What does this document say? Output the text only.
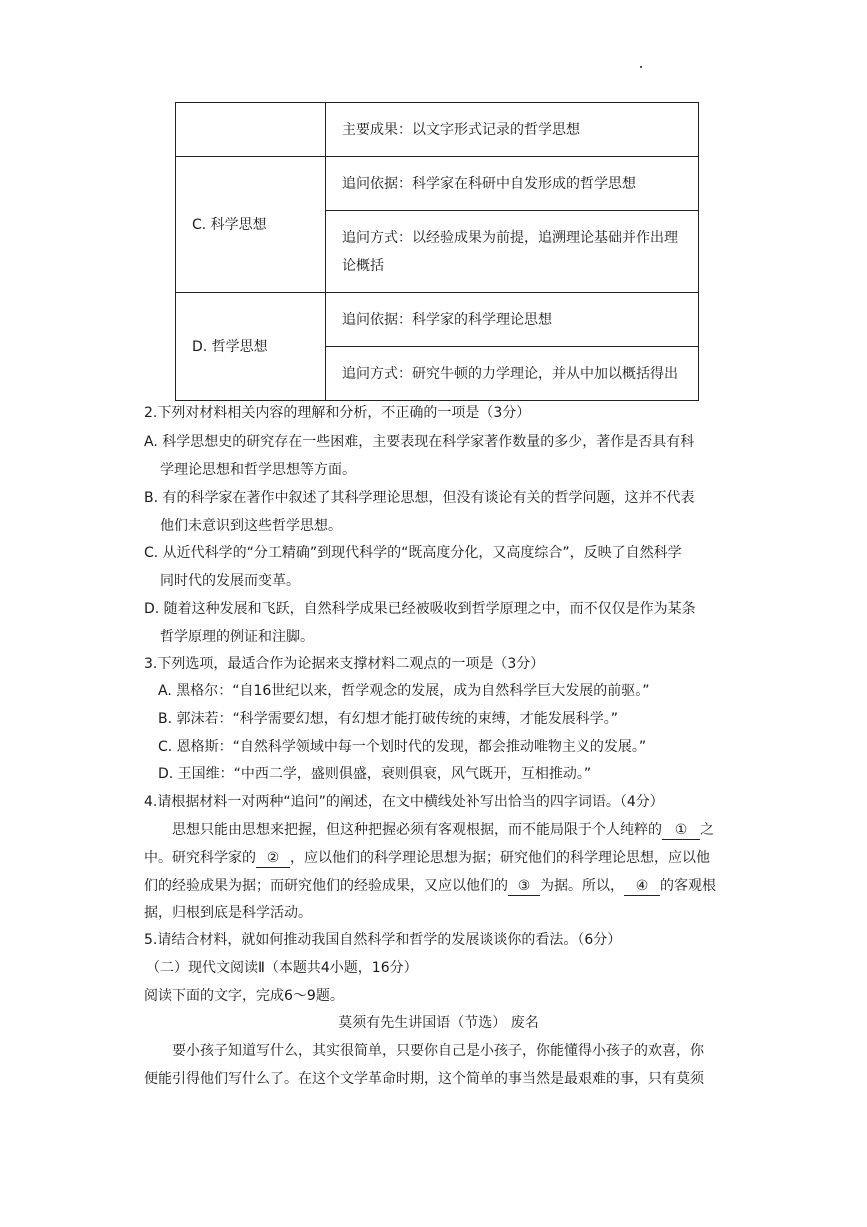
	主要成果：以文字形式记录的哲学思想
C. 科学思想	追问依据：科学家在科研中自发形成的哲学思想
	追问方式：以经验成果为前提，追溯理论基础并作出理论概括
D. 哲学思想	追问依据：科学家的科学理论思想
	追问方式：研究牛顿的力学理论，并从中加以概括得出
2.下列对材料相关内容的理解和分析，不正确的一项是（3分）
A. 科学思想史的研究存在一些困难，主要表现在科学家著作数量的多少，著作是否具有科
学理论思想和哲学思想等方面。
B. 有的科学家在著作中叙述了其科学理论思想，但没有谈论有关的哲学问题，这并不代表
他们未意识到这些哲学思想。
C. 从近代科学的“分工精确”到现代科学的“既高度分化，又高度综合”，反映了自然科学
同时代的发展而变革。
D. 随着这种发展和飞跃，自然科学成果已经被吸收到哲学原理之中，而不仅仅是作为某条
哲学原理的例证和注脚。
3.下列选项，最适合作为论据来支撑材料二观点的一项是（3分）
A. 黑格尔：“自16世纪以来，哲学观念的发展，成为自然科学巨大发展的前驱。”
B. 郭沫若：“科学需要幻想，有幻想才能打破传统的束缚，才能发展科学。”
C. 恩格斯：“自然科学领域中每一个划时代的发现，都会推动唯物主义的发展。”
D. 王国维：“中西二学，盛则俱盛，衰则俱衰，风气既开，互相推动。”
4.请根据材料一对两种“追问”的阐述，在文中横线处补写出恰当的四字词语。（4分）
思想只能由思想来把握，但这种把握必须有客观根据，而不能局限于个人纯粹的 ① 之
中。研究科学家的 ② ，应以他们的科学理论思想为据；研究他们的科学理论思想，应以他
们的经验成果为据；而研究他们的经验成果，又应以他们的 ③ 为据。所以， ④ 的客观根
据，归根到底是科学活动。
5.请结合材料，就如何推动我国自然科学和哲学的发展谈谈你的看法。（6分）
（二）现代文阅读Ⅱ（本题共4小题，16分）
阅读下面的文字，完成6～9题。
莫须有先生讲国语（节选） 废名
要小孩子知道写什么，其实很简单，只要你自己是小孩子，你能懂得小孩子的欢喜，你
便能引得他们写什么了。在这个文学革命时期，这个简单的事当然是最艰难的事，只有莫须
